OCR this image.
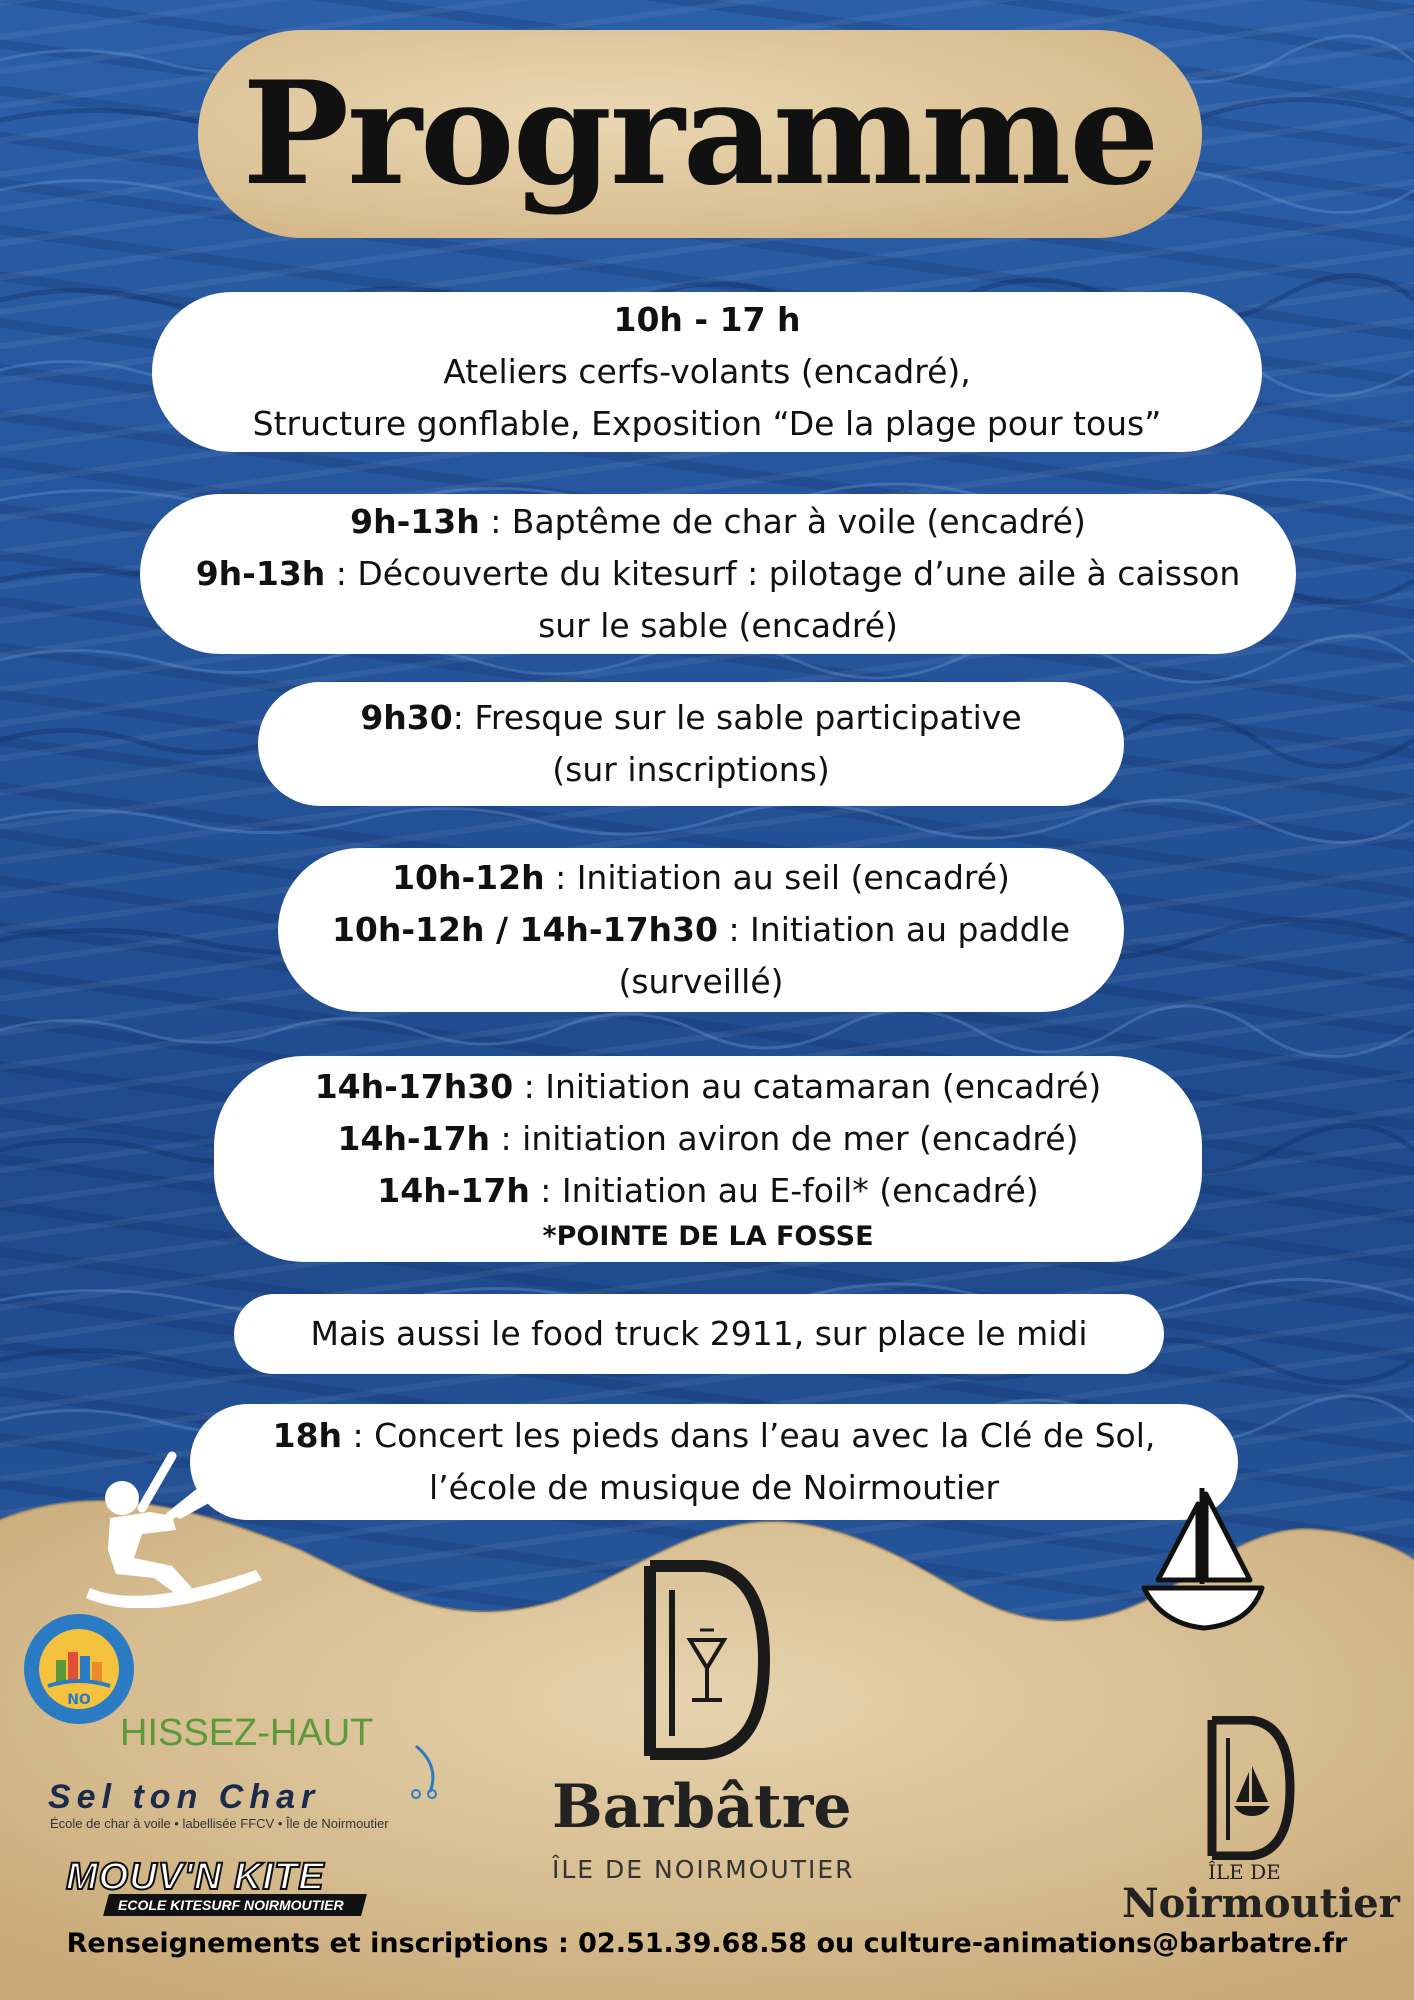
Programme
10h - 17 h
Ateliers cerfs-volants (encadré),
Structure gonflable, Exposition “De la plage pour tous”
9h-13h : Baptême de char à voile (encadré)
9h-13h : Découverte du kitesurf : pilotage d’une aile à caisson
sur le sable (encadré)
9h30: Fresque sur le sable participative
(sur inscriptions)
10h-12h : Initiation au seil (encadré)
10h-12h / 14h-17h30 : Initiation au paddle
(surveillé)
14h-17h30 : Initiation au catamaran (encadré)
14h-17h : initiation aviron de mer (encadré)
14h-17h : Initiation au E-foil* (encadré)
*POINTE DE LA FOSSE
Mais aussi le food truck 2911, sur place le midi
18h : Concert les pieds dans l’eau avec la Clé de Sol,
l’école de musique de Noirmoutier
NO
HISSEZ-HAUT
Sel ton Char
École de char à voile • labellisée FFCV • Île de Noirmoutier
MOUV'N KITE
ECOLE KITESURF NOIRMOUTIER
Barbâtre
ÎLE DE NOIRMOUTIER	ÎLE DE
Noirmoutier
Renseignements et inscriptions : 02.51.39.68.58 ou culture-animations@barbatre.fr
